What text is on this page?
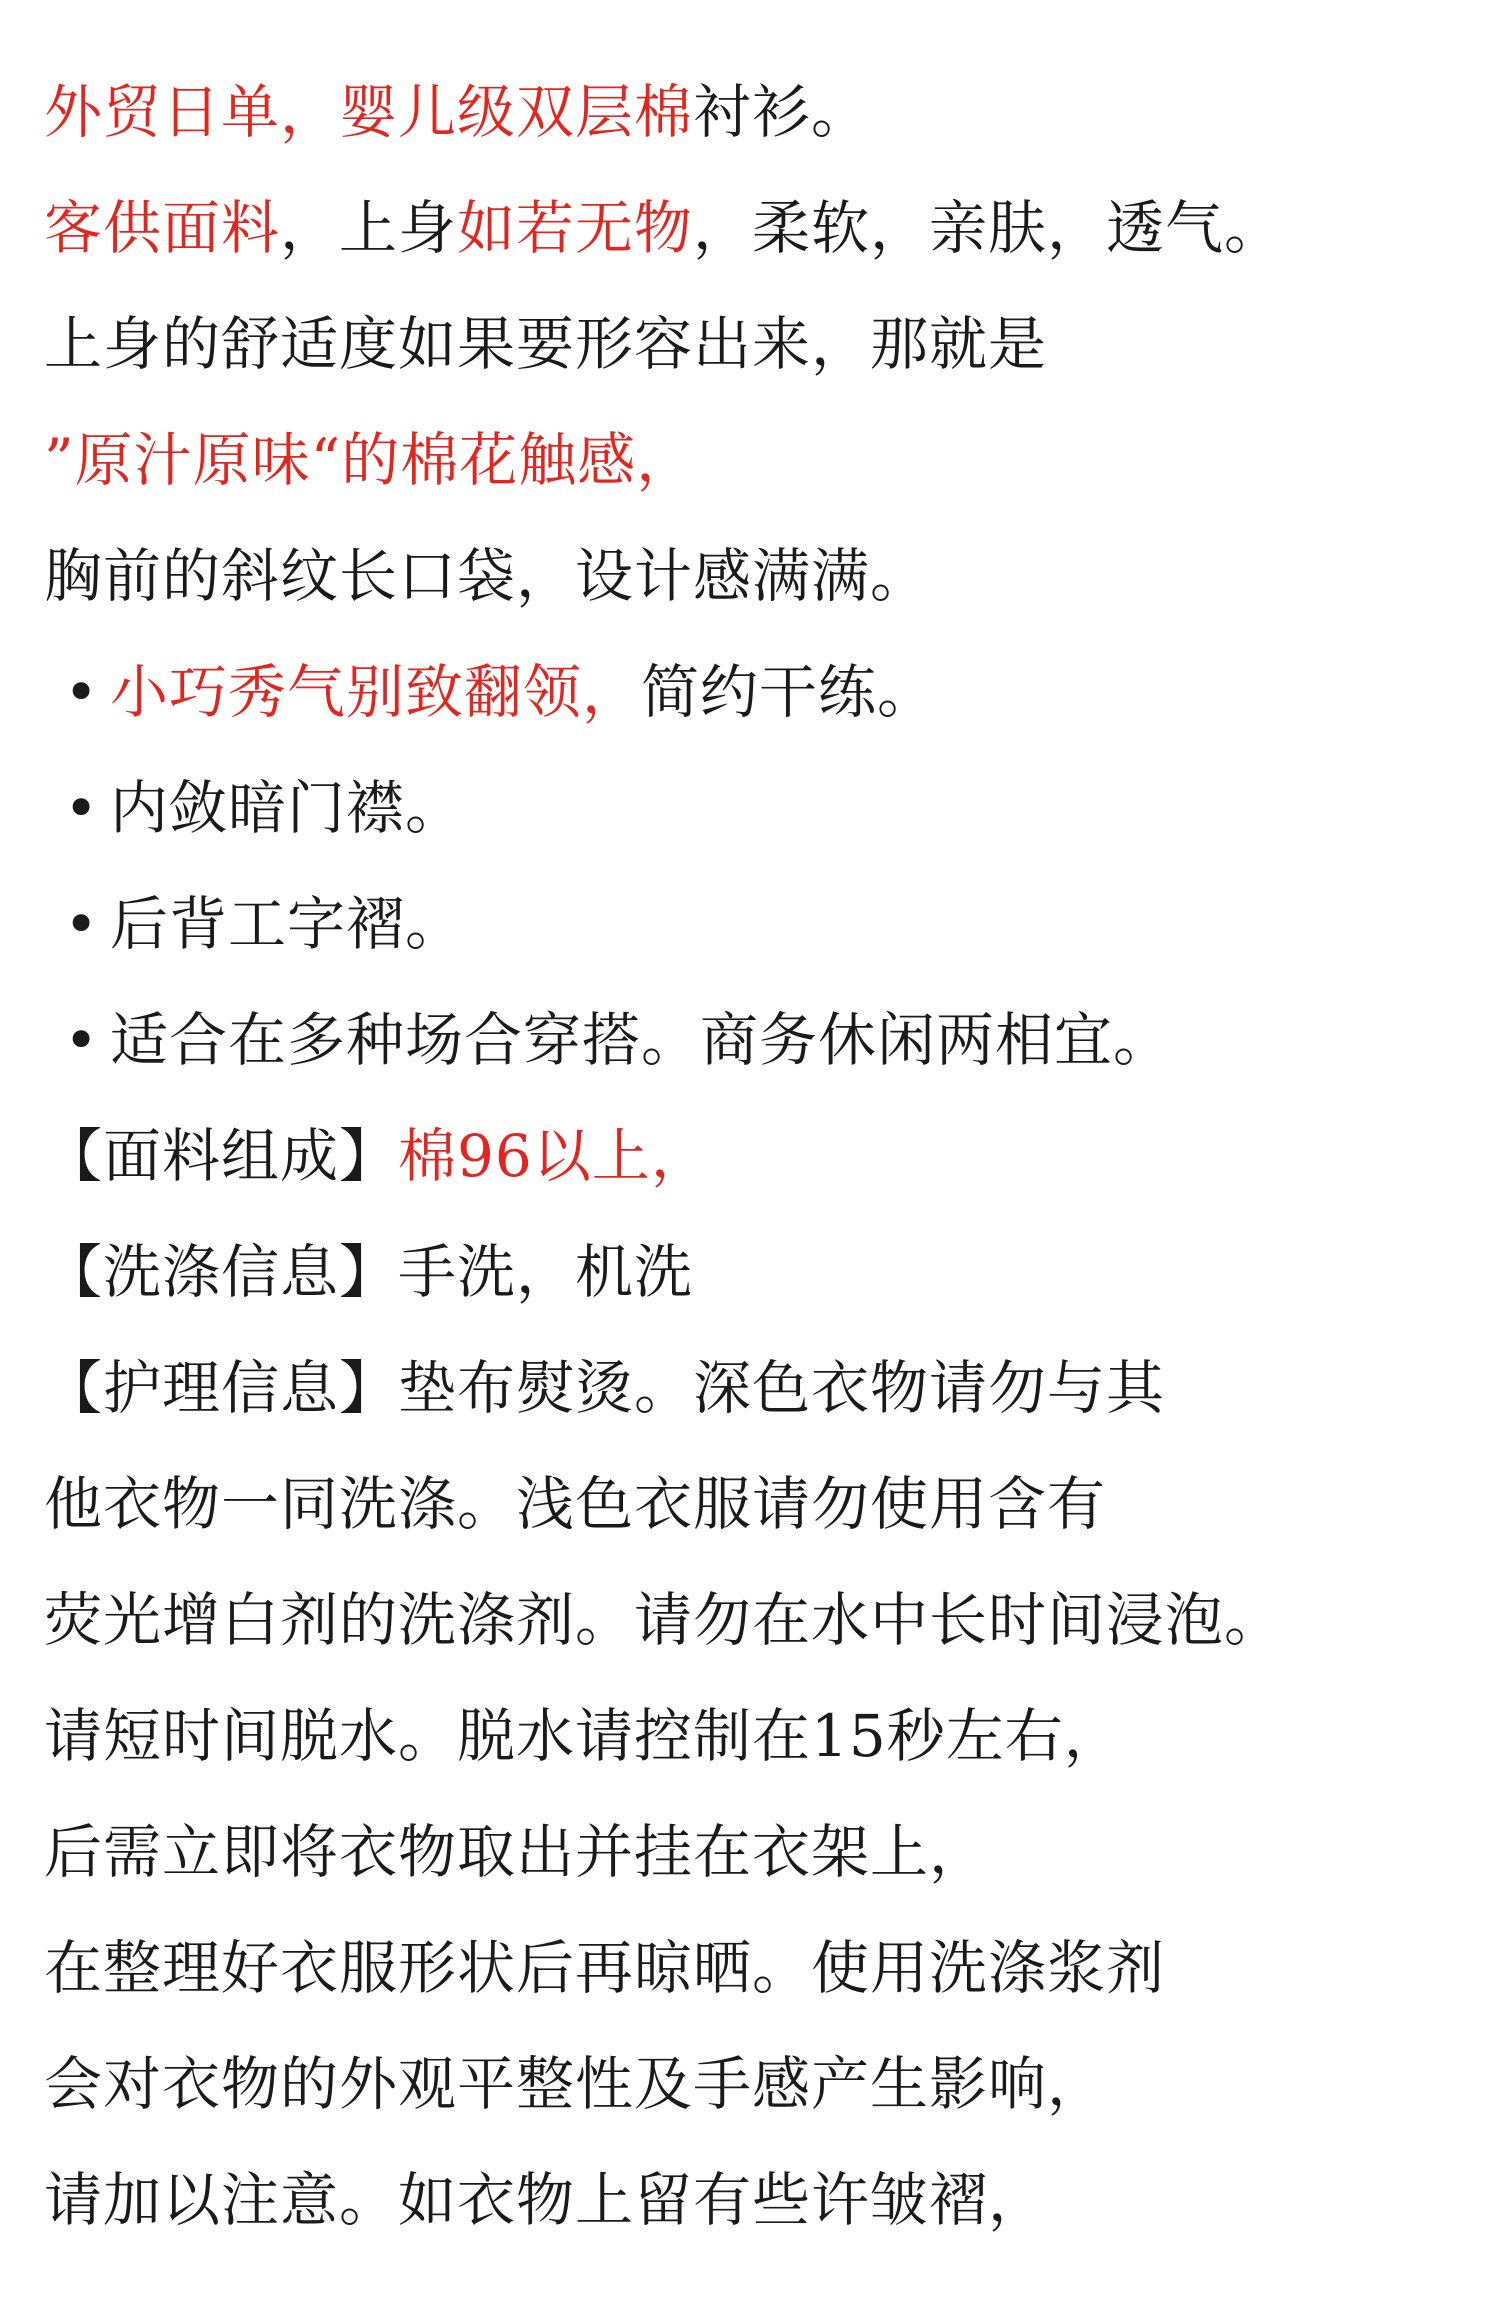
外贸日单，婴儿级双层棉衬衫。
客供面料，上身如若无物，柔软，亲肤，透气。
上身的舒适度如果要形容出来，那就是
”原汁原味“的棉花触感，
胸前的斜纹长口袋，设计感满满。
• 小巧秀气别致翻领，简约干练。
• 内敛暗门襟。
• 后背工字褶。
• 适合在多种场合穿搭。商务休闲两相宜。
【面料组成】棉96以上，
【洗涤信息】手洗，机洗
【护理信息】垫布熨烫。深色衣物请勿与其
他衣物一同洗涤。浅色衣服请勿使用含有
荧光增白剂的洗涤剂。请勿在水中长时间浸泡。
请短时间脱水。脱水请控制在15秒左右，
后需立即将衣物取出并挂在衣架上，
在整理好衣服形状后再晾晒。使用洗涤浆剂
会对衣物的外观平整性及手感产生影响，
请加以注意。如衣物上留有些许皱褶，
